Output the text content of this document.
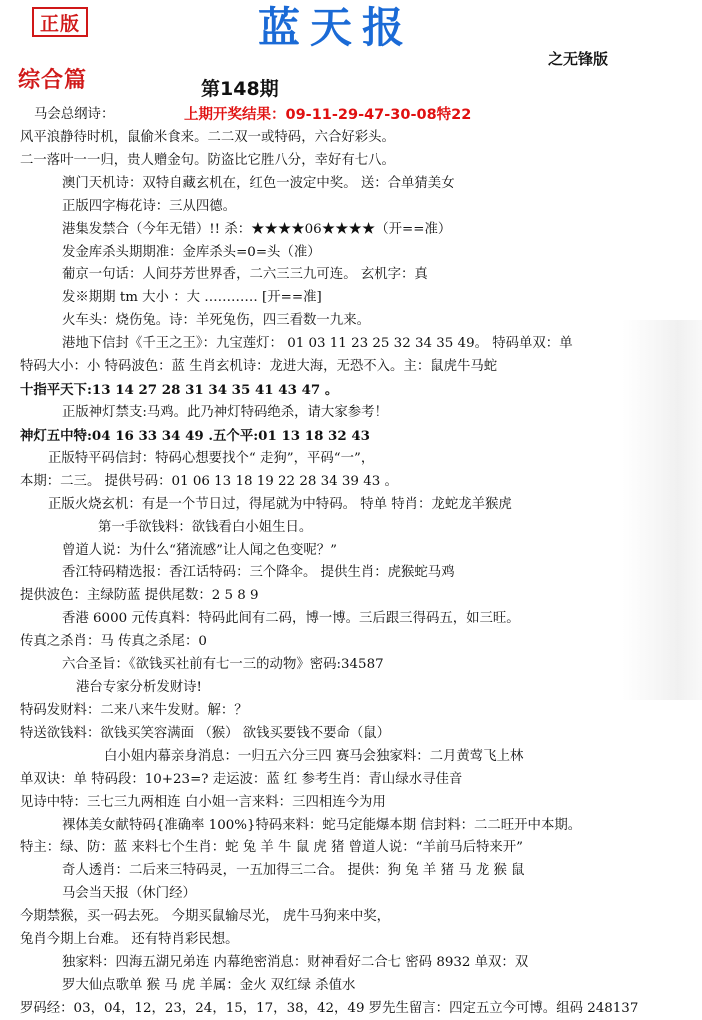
正版	蓝天报
之无锋版
综合篇	第148期
马会总纲诗：	上期开奖结果：09-11-29-47-30-08特22
风平浪静待时机，鼠偷米食来。二二双一或特码，六合好彩头。
二一落叶一一归，贵人赠金句。防盗比它胜八分，幸好有七八。
澳门天机诗：双特自藏玄机在，红色一波定中奖。 送：合单猜美女
正版四字梅花诗：三从四德。
港集发禁合（今年无错）!! 杀：★★★★06★★★★（开==准）
发金库杀头期期准：金库杀头=0=头（准）
葡京一句话：人间芬芳世界香，二六三三九可连。 玄机字：真
发※期期 tm 大小 ：大 ………… [开==准]
火车头：烧伤兔。诗：羊死兔伤，四三看数一九来。
港地下信封《千王之王》：九宝莲灯： 01 03 11 23 25 32 34 35 49。 特码单双：单
特码大小：小 特码波色：蓝 生肖玄机诗：龙进大海，无恐不入。主：鼠虎牛马蛇
十指平天下:13 14 27 28 31 34 35 41 43 47 。
正版神灯禁支:马鸡。此乃神灯特码绝杀，请大家参考！
神灯五中特:04 16 33 34 49 .五个平:01 13 18 32 43
正版特平码信封：特码心想要找个“ 走狗”，平码“一”，
本期：二三。 提供号码：01 06 13 18 19 22 28 34 39 43 。
正版火烧玄机：有是一个节日过，得尾就为中特码。 特单 特肖：龙蛇龙羊猴虎
第一手欲钱料：欲钱看白小姐生日。
曾道人说：为什么“猪流感”让人闻之色变呢？”
香江特码精选报：香江话特码：三个降伞。 提供生肖：虎猴蛇马鸡
提供波色：主绿防蓝 提供尾数：2 5 8 9
香港 6000 元传真料：特码此间有二码，博一博。三后跟三得码五，如三旺。
传真之杀肖：马 传真之杀尾：0
六合圣旨：《欲钱买社前有七一三的动物》密码:34587
港台专家分析发财诗!
特码发财料：二来八来牛发财。解：？
特送欲钱料：欲钱买笑容满面 （猴） 欲钱买要钱不要命（鼠）
白小姐内幕亲身消息：一归五六分三四 赛马会独家料：二月黄莺飞上林
单双诀：单 特码段：10+23=? 走运波：蓝 红 参考生肖：青山绿水寻佳音
见诗中特：三七三九两相连 白小姐一言来料：三四相连今为用
裸体美女献特码{准确率 100%}特码来料：蛇马定能爆本期 信封料：二二旺开中本期。
特主：绿、防：蓝 来料七个生肖：蛇 兔 羊 牛 鼠 虎 猪 曾道人说：“羊前马后特来开”
奇人透肖：二后来三特码灵，一五加得三二合。 提供：狗 兔 羊 猪 马 龙 猴 鼠
马会当天报（休门经）
今期禁猴，买一码去死。 今期买鼠输尽光， 虎牛马狗来中奖，
兔肖今期上台难。 还有特肖彩民想。
独家料：四海五湖兄弟连 内幕绝密消息：财神看好二合七 密码 8932 单双：双
罗大仙点歌单 猴 马 虎 羊属：金火 双红绿 杀值水
罗码经：03，04，12，23，24，15，17，38，42，49 罗先生留言：四定五立今可博。组码 248137
